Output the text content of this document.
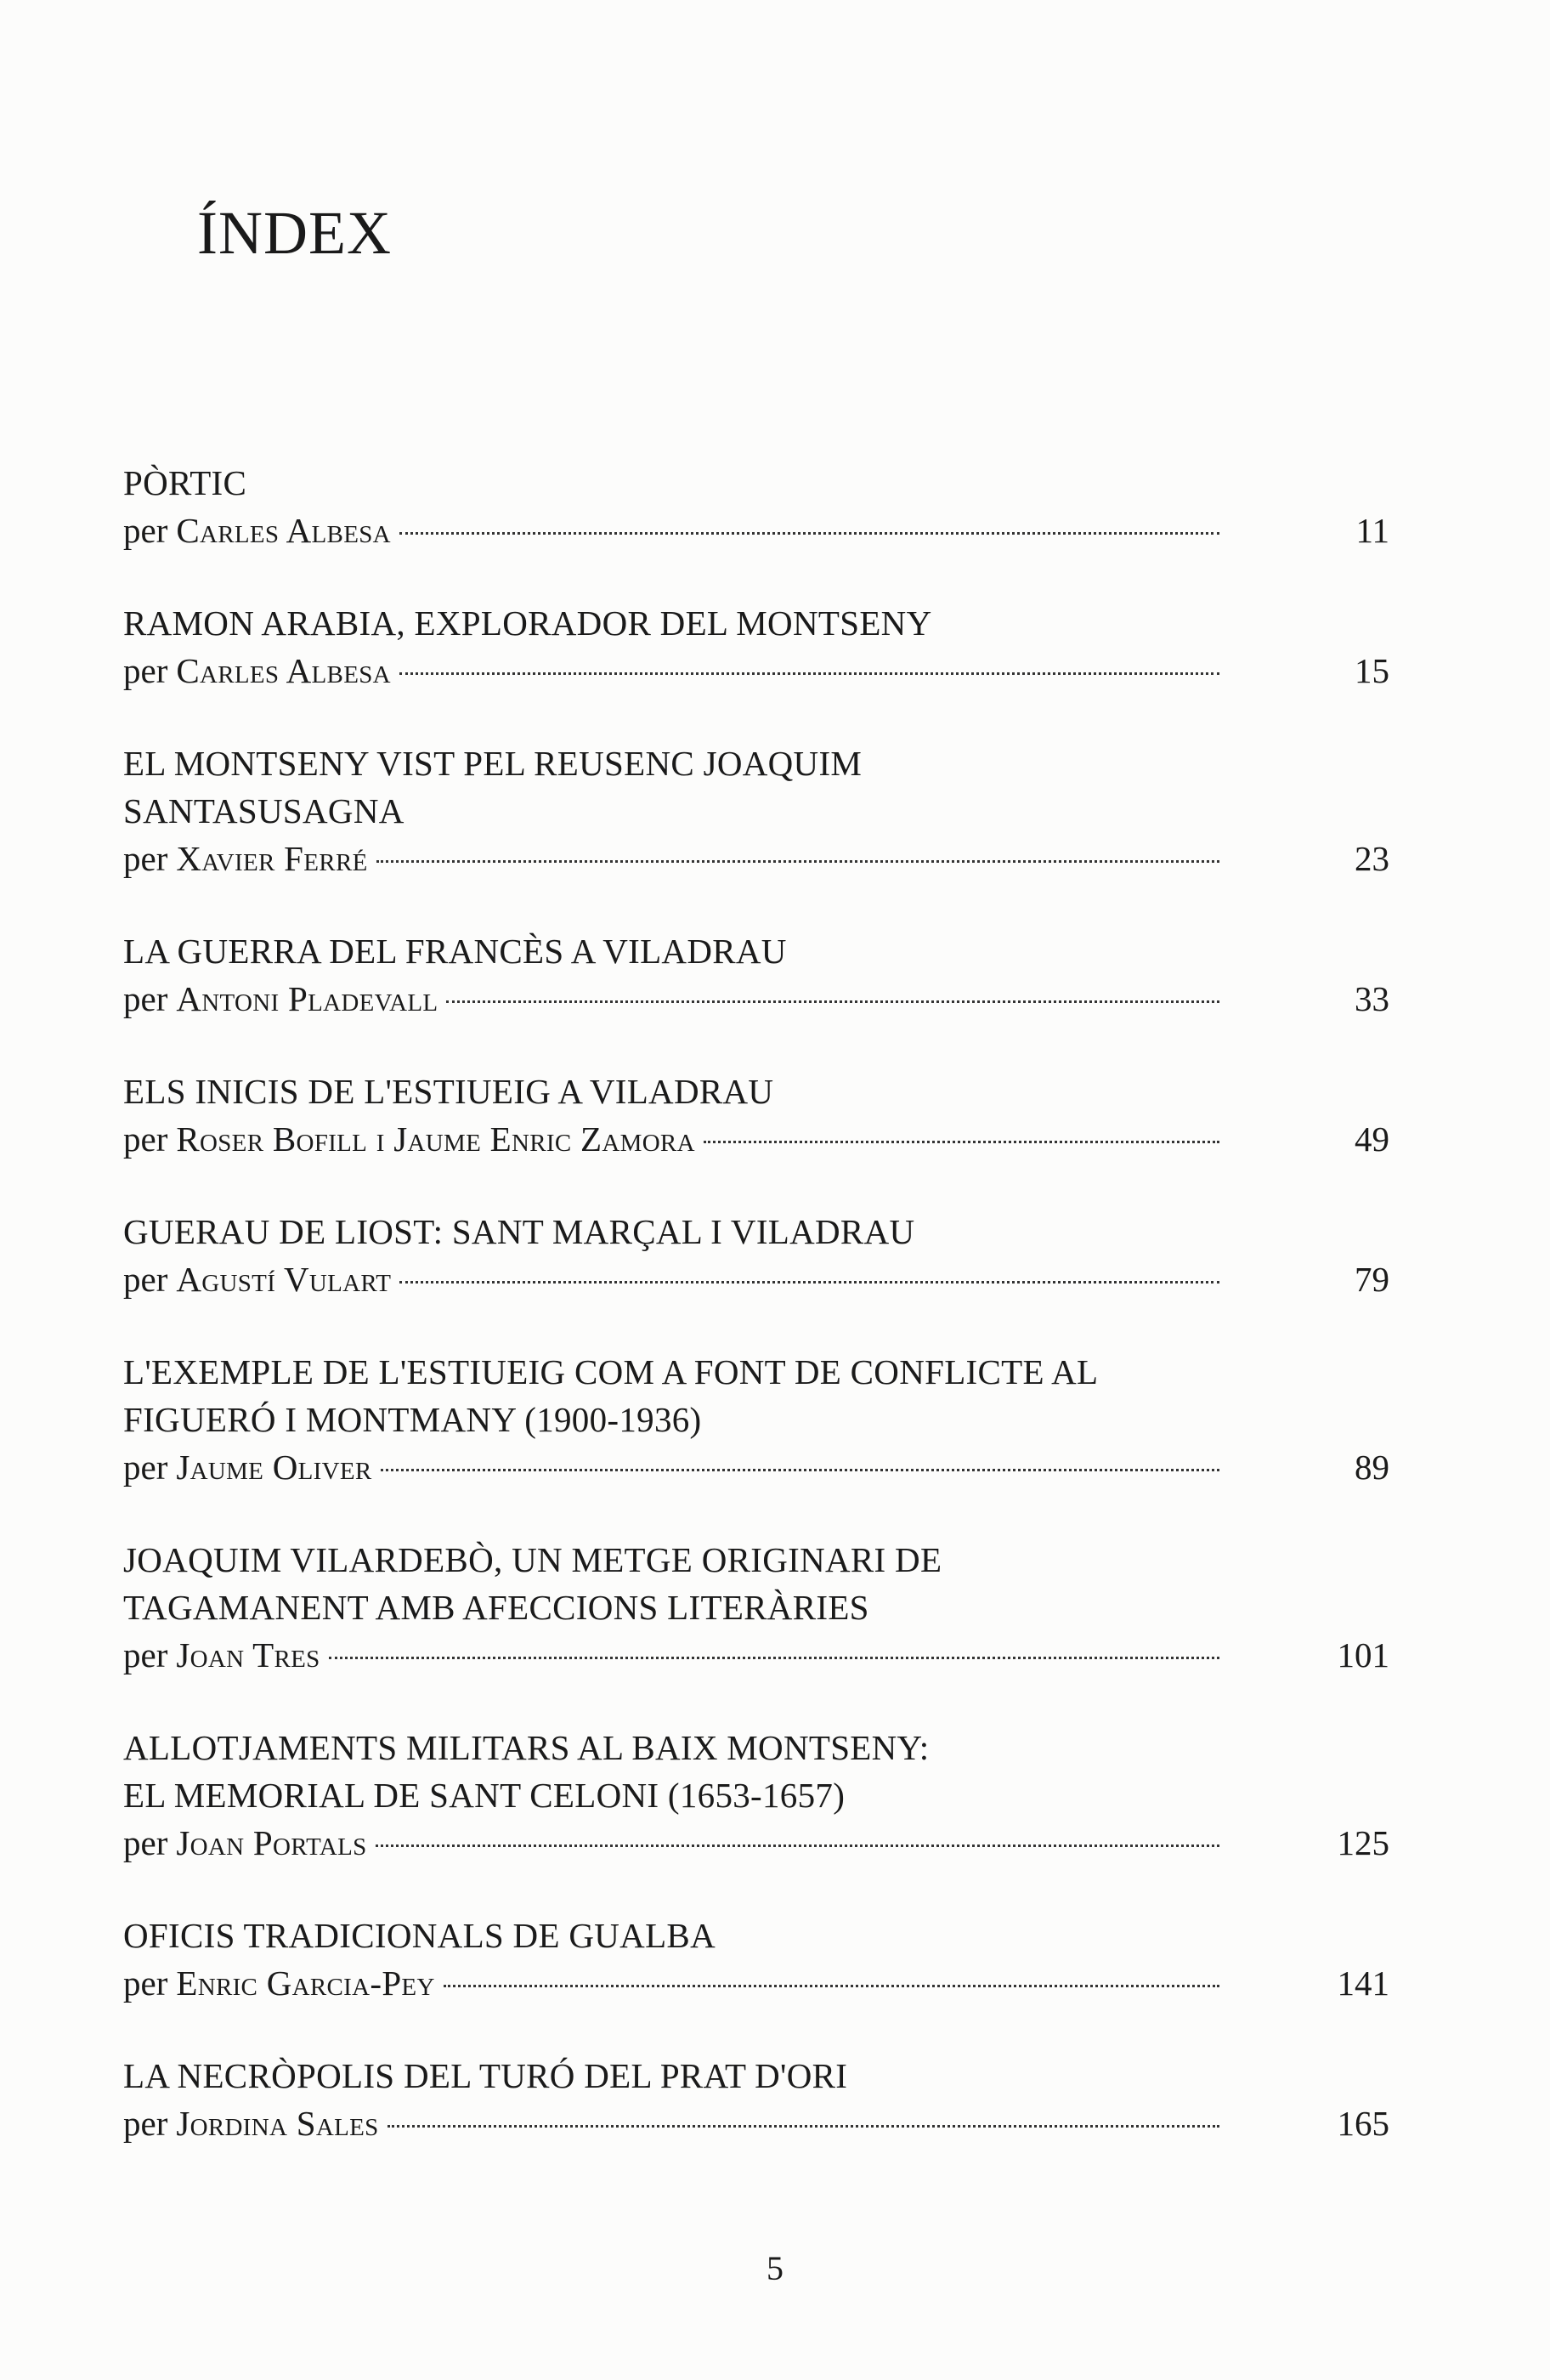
ÍNDEX
PÒRTIC
per Carles Albesa	11
RAMON ARABIA, EXPLORADOR DEL MONTSENY
per Carles Albesa	15
EL MONTSENY VIST PEL REUSENC JOAQUIM
SANTASUSAGNA
per Xavier Ferré	23
LA GUERRA DEL FRANCÈS A VILADRAU
per Antoni Pladevall	33
ELS INICIS DE L'ESTIUEIG A VILADRAU
per Roser Bofill i Jaume Enric Zamora	49
GUERAU DE LIOST: SANT MARÇAL I VILADRAU
per Agustí Vulart	79
L'EXEMPLE DE L'ESTIUEIG COM A FONT DE CONFLICTE AL
FIGUERÓ I MONTMANY (1900-1936)
per Jaume Oliver	89
JOAQUIM VILARDEBÒ, UN METGE ORIGINARI DE
TAGAMANENT AMB AFECCIONS LITERÀRIES
per Joan Tres	101
ALLOTJAMENTS MILITARS AL BAIX MONTSENY:
EL MEMORIAL DE SANT CELONI (1653-1657)
per Joan Portals	125
OFICIS TRADICIONALS DE GUALBA
per Enric Garcia-Pey	141
LA NECRÒPOLIS DEL TURÓ DEL PRAT D'ORI
per Jordina Sales	165
5
